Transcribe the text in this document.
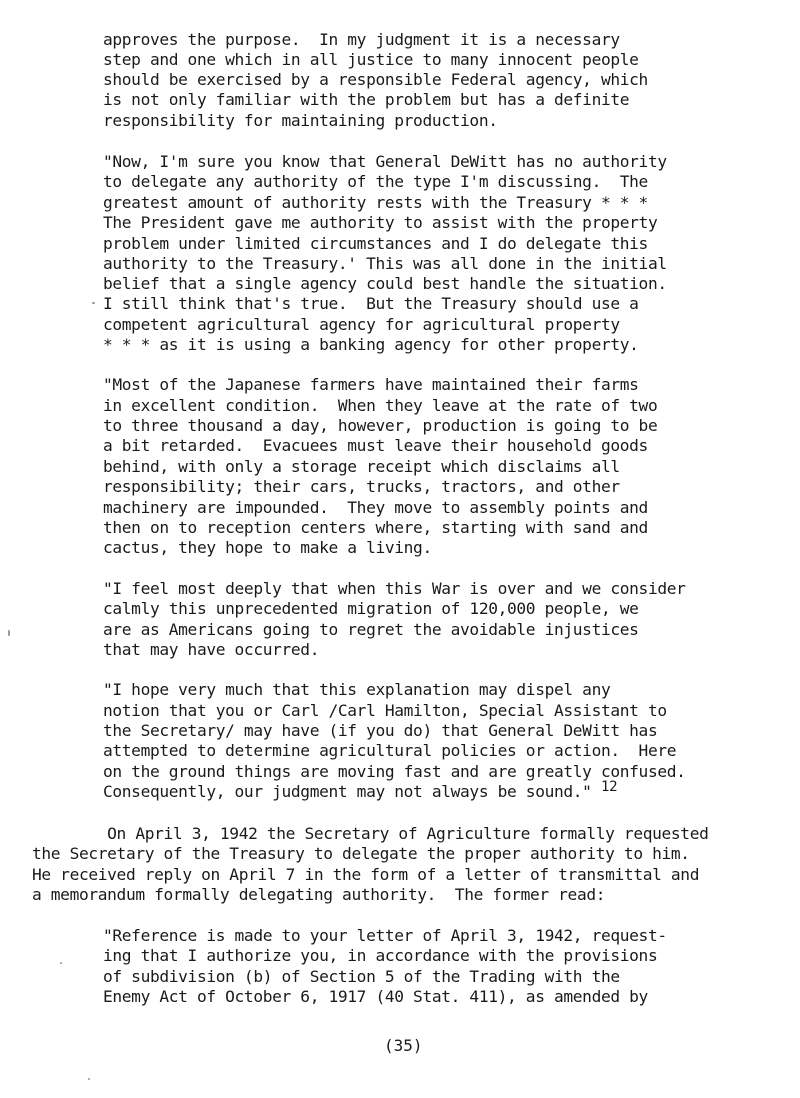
approves the purpose.  In my judgment it is a necessary
step and one which in all justice to many innocent people
should be exercised by a responsible Federal agency, which
is not only familiar with the problem but has a definite
responsibility for maintaining production.
"Now, I'm sure you know that General DeWitt has no authority
to delegate any authority of the type I'm discussing.  The
greatest amount of authority rests with the Treasury * * *
The President gave me authority to assist with the property
problem under limited circumstances and I do delegate this
authority to the Treasury.' This was all done in the initial
belief that a single agency could best handle the situation.
I still think that's true.  But the Treasury should use a
competent agricultural agency for agricultural property
* * * as it is using a banking agency for other property.
"Most of the Japanese farmers have maintained their farms
in excellent condition.  When they leave at the rate of two
to three thousand a day, however, production is going to be
a bit retarded.  Evacuees must leave their household goods
behind, with only a storage receipt which disclaims all
responsibility; their cars, trucks, tractors, and other
machinery are impounded.  They move to assembly points and
then on to reception centers where, starting with sand and
cactus, they hope to make a living.
"I feel most deeply that when this War is over and we consider
calmly this unprecedented migration of 120,000 people, we
are as Americans going to regret the avoidable injustices
that may have occurred.
"I hope very much that this explanation may dispel any
notion that you or Carl /Carl Hamilton, Special Assistant to
the Secretary/ may have (if you do) that General DeWitt has
attempted to determine agricultural policies or action.  Here
on the ground things are moving fast and are greatly confused.
Consequently, our judgment may not always be sound." 12
On April 3, 1942 the Secretary of Agriculture formally requested
the Secretary of the Treasury to delegate the proper authority to him.
He received reply on April 7 in the form of a letter of transmittal and
a memorandum formally delegating authority.  The former read:
"Reference is made to your letter of April 3, 1942, request-
ing that I authorize you, in accordance with the provisions
of subdivision (b) of Section 5 of the Trading with the
Enemy Act of October 6, 1917 (40 Stat. 411), as amended by
(35)
